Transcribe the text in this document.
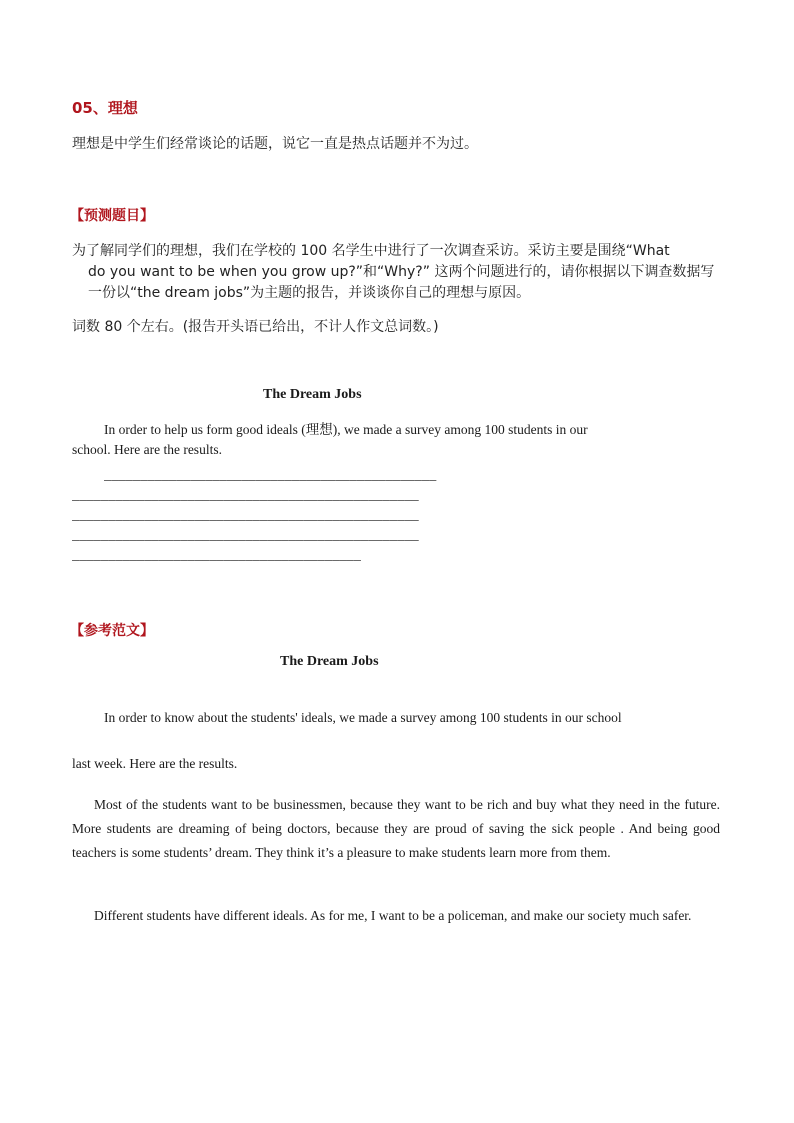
05、理想
理想是中学生们经常谈论的话题，说它一直是热点话题并不为过。
【预测题目】
为了解同学们的理想，我们在学校的 100 名学生中进行了一次调查采访。采访主要是围绕“What
do you want to be when you grow up?”和“Why?” 这两个问题进行的，请你根据以下调查数据写
一份以“the dream jobs”为主题的报告，并谈谈你自己的理想与原因。
词数 80 个左右。(报告开头语已给出，不计人作文总词数。)
The Dream Jobs
In order to help us form good ideals (理想), we made a survey among 100 students in our
school. Here are the results.
——————————————————————————————————————————————
————————————————————————————————————————————————
————————————————————————————————————————————————
————————————————————————————————————————————————
————————————————————————————————————————
【参考范文】
The Dream Jobs
In order to know about the students' ideals, we made a survey among 100 students in our school
last week. Here are the results.
Most of the students want to be businessmen, because they want to be rich and buy what they need in the future. More students are dreaming of being doctors, because they are proud of saving the sick people . And being good teachers is some students’ dream. They think it’s a pleasure to make students learn more from them.
Different students have different ideals. As for me, I want to be a policeman, and make our society much safer.
